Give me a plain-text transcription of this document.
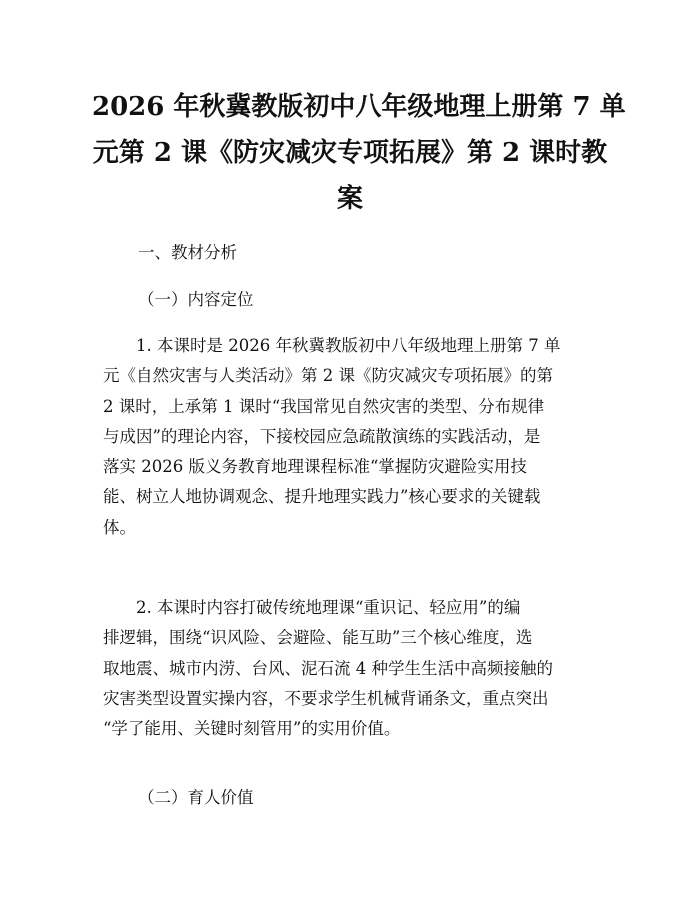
2026 年秋冀教版初中八年级地理上册第 7 单
元第 2 课《防灾减灾专项拓展》第 2 课时教
案

一、教材分析

（一）内容定位

　　1. 本课时是 2026 年秋冀教版初中八年级地理上册第 7 单
元《自然灾害与人类活动》第 2 课《防灾减灾专项拓展》的第
2 课时，上承第 1 课时“我国常见自然灾害的类型、分布规律
与成因”的理论内容，下接校园应急疏散演练的实践活动，是
落实 2026 版义务教育地理课程标准“掌握防灾避险实用技
能、树立人地协调观念、提升地理实践力”核心要求的关键载
体。
　　2. 本课时内容打破传统地理课“重识记、轻应用”的编
排逻辑，围绕“识风险、会避险、能互助”三个核心维度，选
取地震、城市内涝、台风、泥石流 4 种学生生活中高频接触的
灾害类型设置实操内容，不要求学生机械背诵条文，重点突出
“学了能用、关键时刻管用”的实用价值。

（二）育人价值
